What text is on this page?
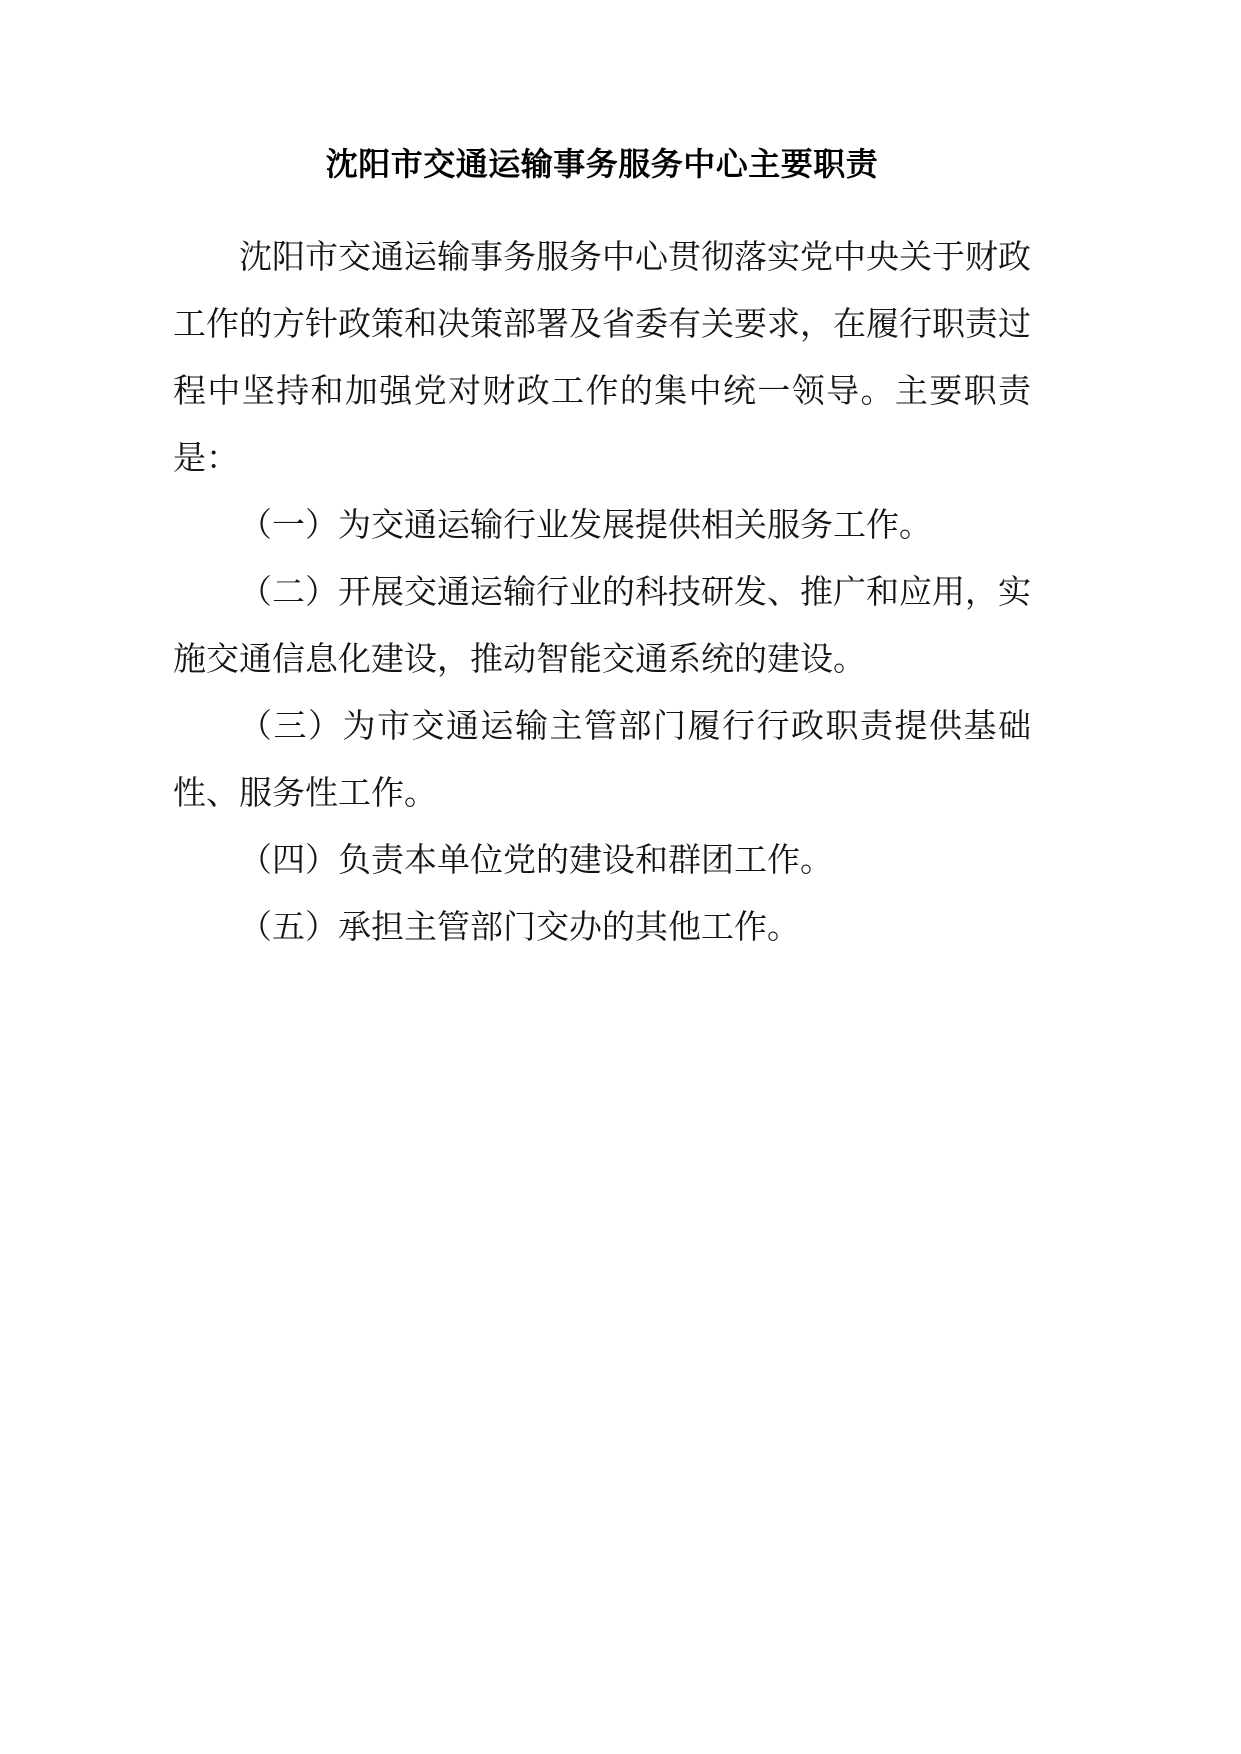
沈阳市交通运输事务服务中心主要职责

沈阳市交通运输事务服务中心贯彻落实党中央关于财政工作的方针政策和决策部署及省委有关要求，在履行职责过程中坚持和加强党对财政工作的集中统一领导。主要职责是：

（一）为交通运输行业发展提供相关服务工作。

（二）开展交通运输行业的科技研发、推广和应用，实施交通信息化建设，推动智能交通系统的建设。

（三）为市交通运输主管部门履行行政职责提供基础性、服务性工作。

（四）负责本单位党的建设和群团工作。

（五）承担主管部门交办的其他工作。
